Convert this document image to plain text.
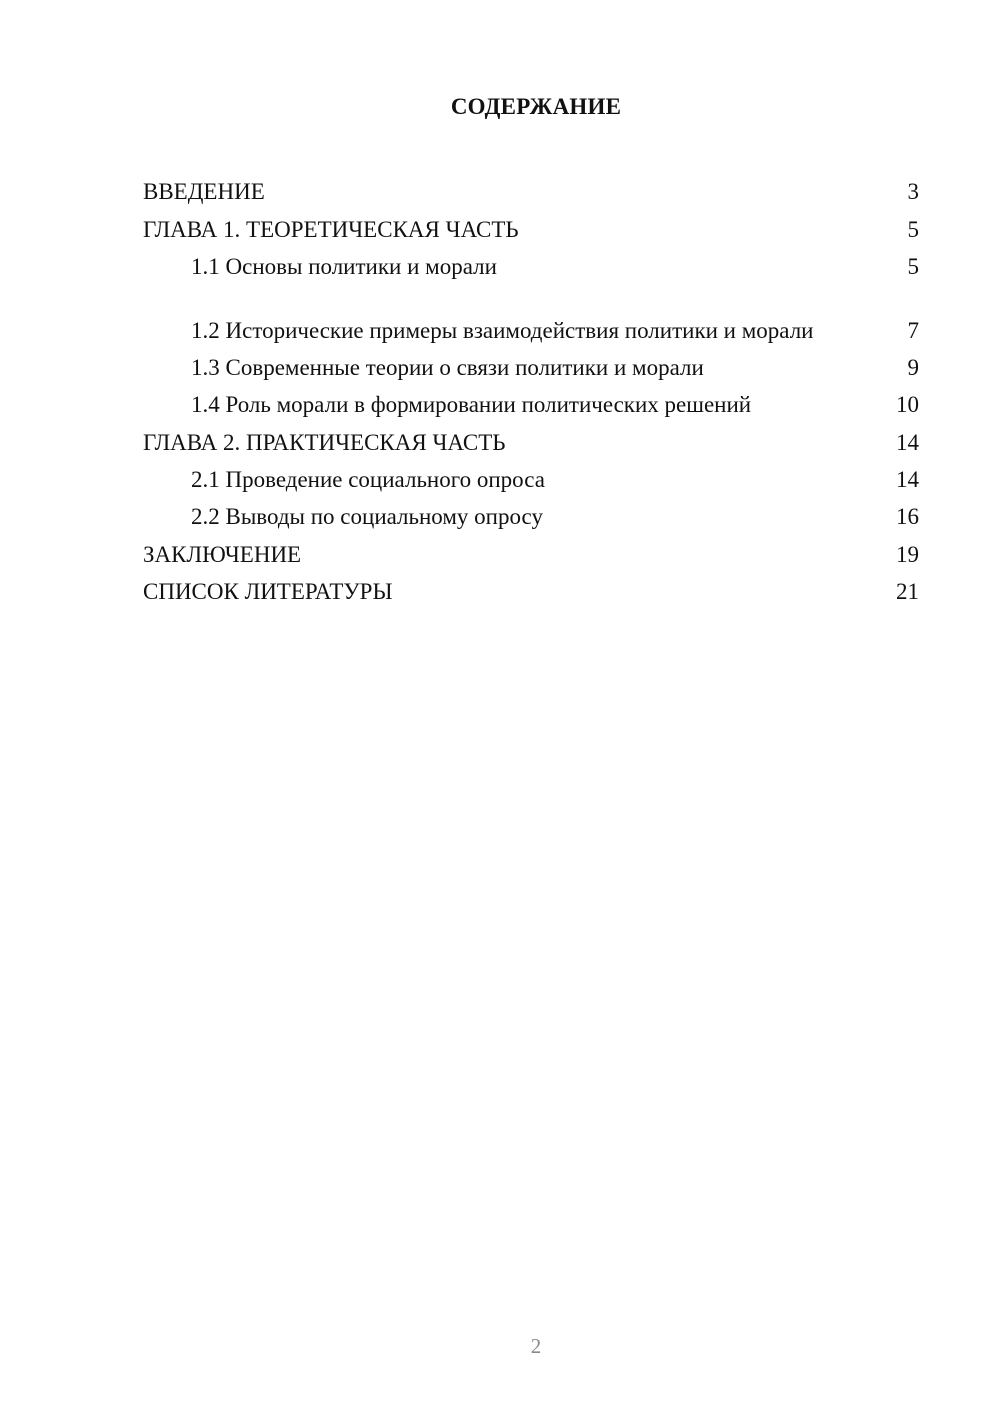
СОДЕРЖАНИЕ
ВВЕДЕНИЕ	3
ГЛАВА 1. ТЕОРЕТИЧЕСКАЯ ЧАСТЬ	5
1.1 Основы политики и морали	5
1.2 Исторические примеры взаимодействия политики и морали	7
1.3 Современные теории о связи политики и морали	9
1.4 Роль морали в формировании политических решений	10
ГЛАВА 2. ПРАКТИЧЕСКАЯ ЧАСТЬ	14
2.1 Проведение социального опроса	14
2.2 Выводы по социальному опросу	16
ЗАКЛЮЧЕНИЕ	19
СПИСОК ЛИТЕРАТУРЫ	21
2
